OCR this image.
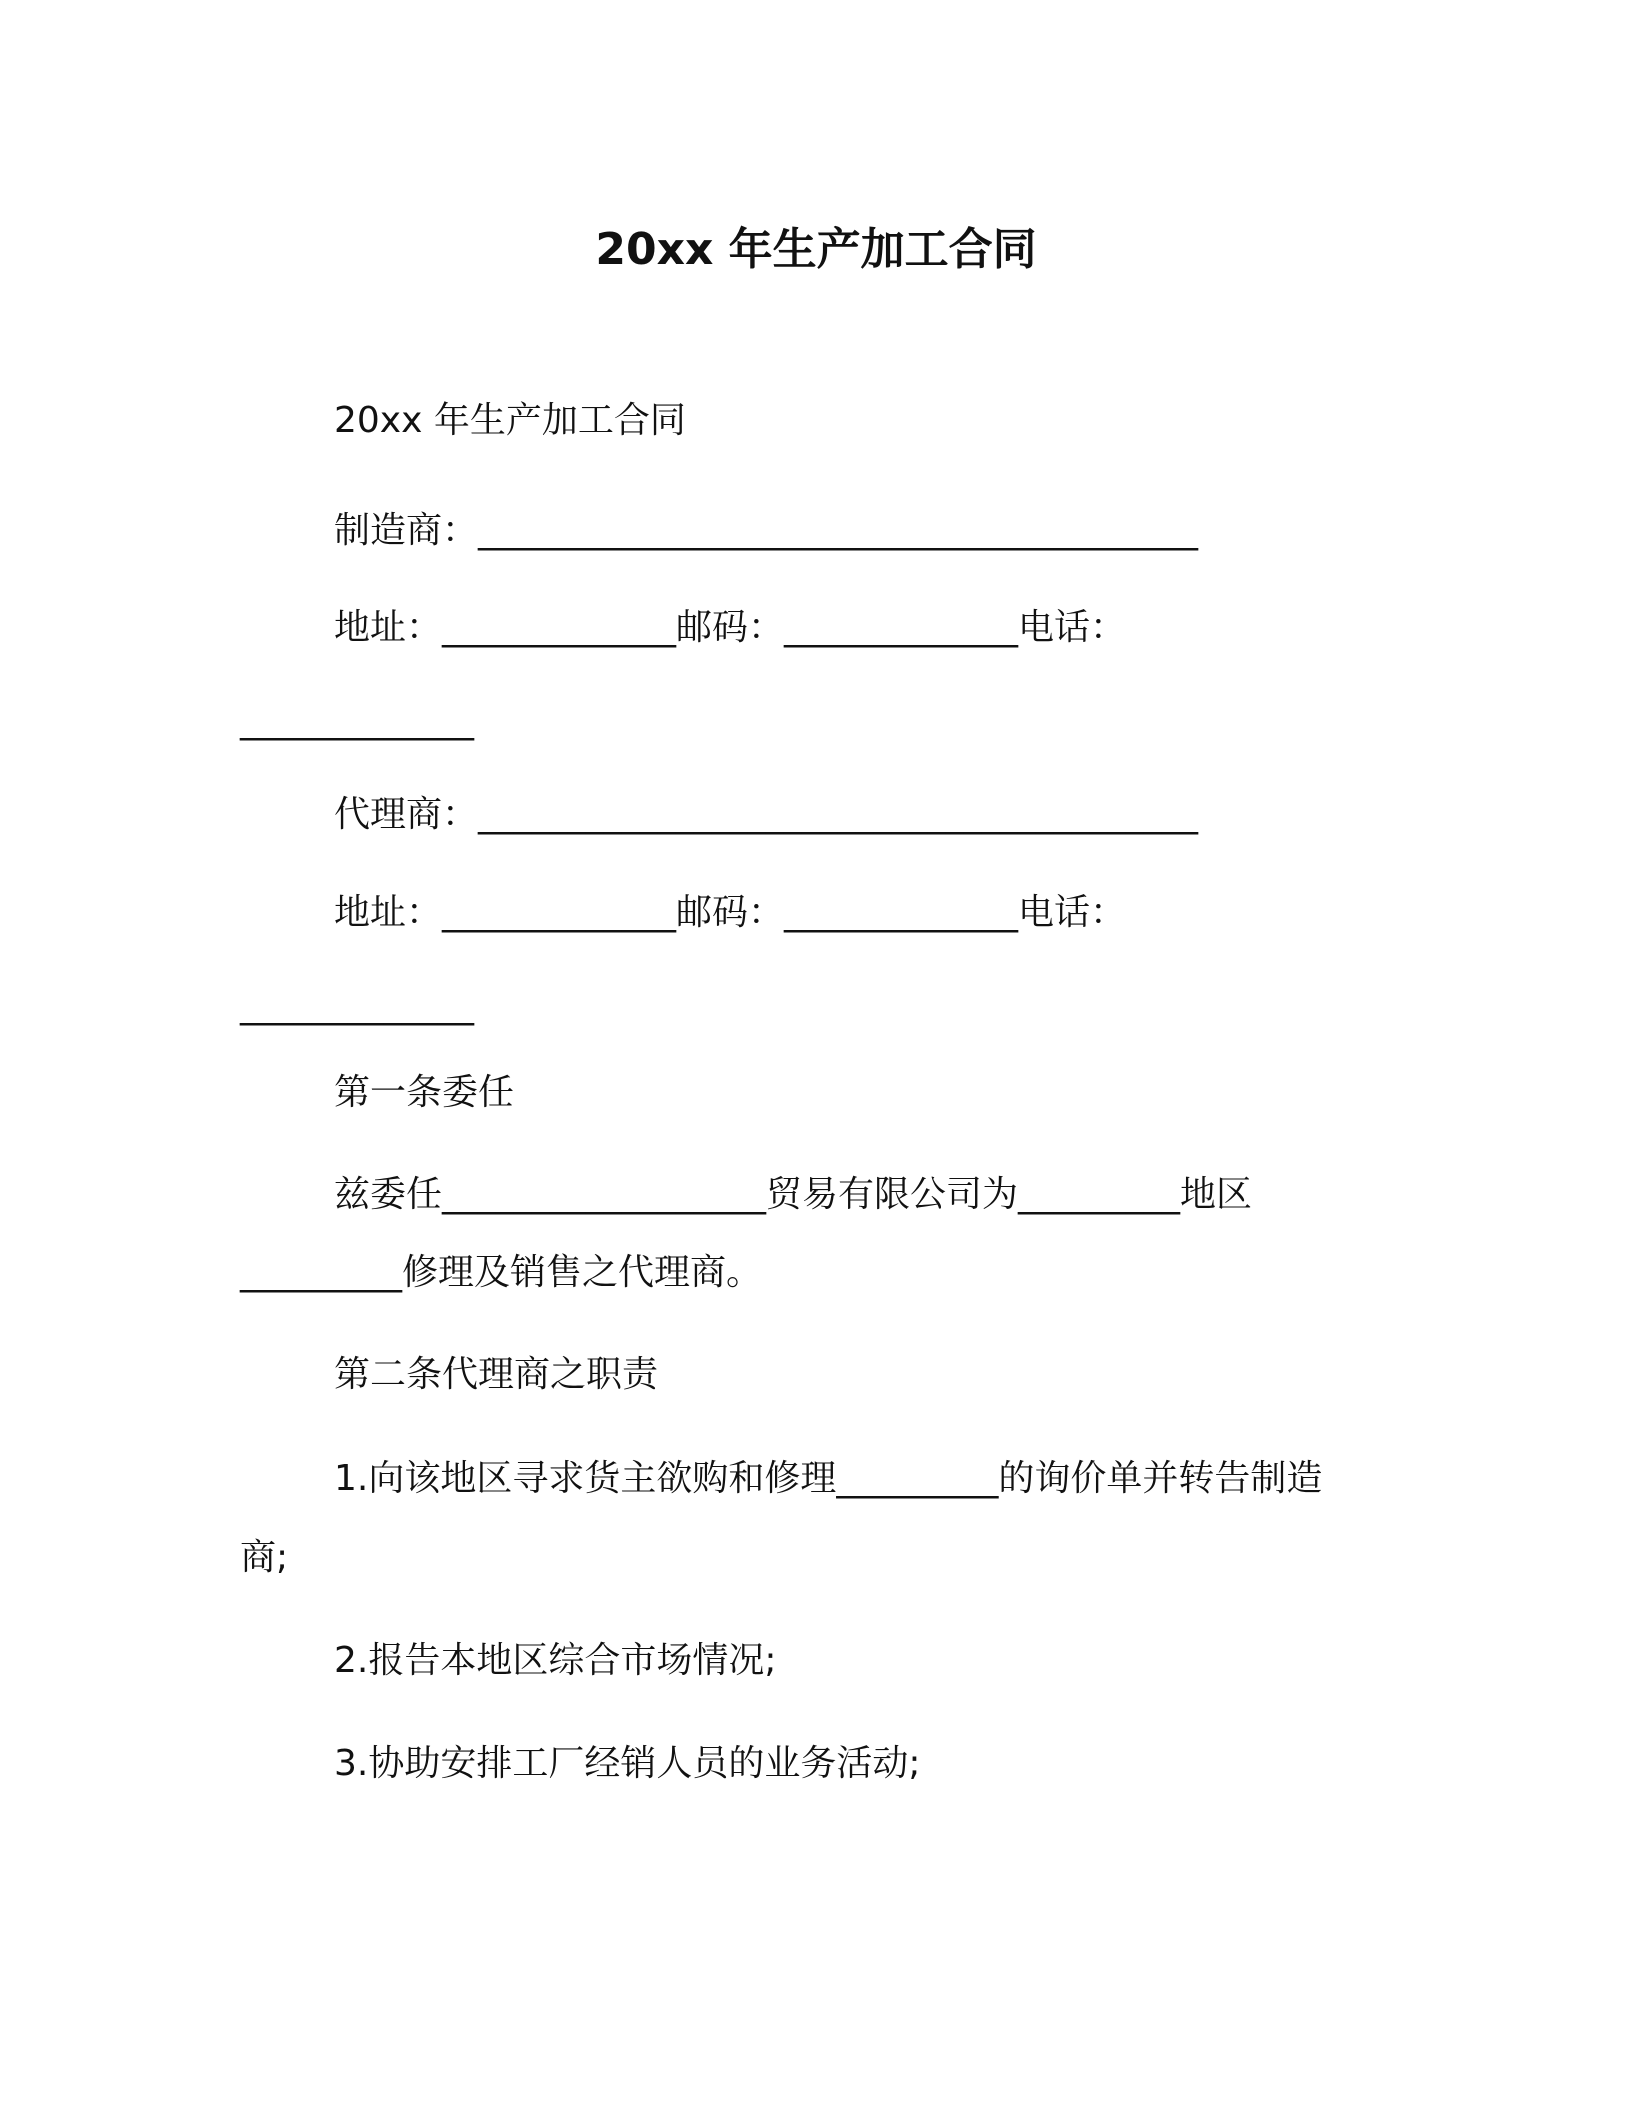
20xx 年生产加工合同
20xx 年生产加工合同
制造商：________________________________________
地址：_____________邮码：_____________电话：
_____________
代理商：________________________________________
地址：_____________邮码：_____________电话：
_____________
第一条委任
兹委任__________________贸易有限公司为_________地区
_________修理及销售之代理商。
第二条代理商之职责
1.向该地区寻求货主欲购和修理_________的询价单并转告制造
商;
2.报告本地区综合市场情况;
3.协助安排工厂经销人员的业务活动;
